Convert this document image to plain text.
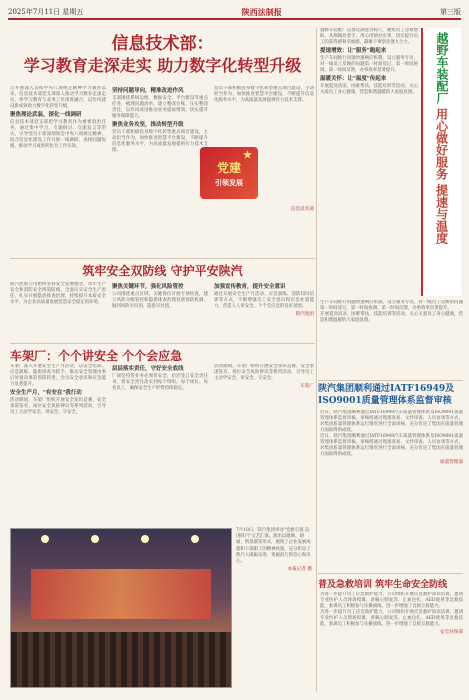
2025年7月11日 星期五	陕西法制报	第三版
信息技术部：
学习教育走深走实 助力数字化转型升级

自开展深入贯彻中央八项规定精神学习教育以来，信息技术部党支部深入推动学习教育走深走实，将学习教育与业务工作深度融合，以作风建设新成效助力数字化转型升级。

聚焦理论武装，深化一线调研

信息技术部党支部把学习教育作为重要政治任务，通过集中学习、专题研讨、交流发言等形式，引导党员干部深刻领会中央八项规定精神，结合信息化建设工作开展一线调研，查找问题短板，推动学习成果转化为工作实效。

坚持问题导向，精准改进作风

支部围绕系统运维、数据安全、平台建设等重点任务，梳理问题清单，建立整改台账，压实整改责任，以作风改进推动业务提质增效，切实提升服务保障能力。

聚焦业务攻坚，推动转型升级

党员干部积极投身数字化转型重点项目建设，主动担当作为，加快推进智慧平台建设，不断提升信息化服务水平，为高质量发展提供有力技术支撑。

党员干部积极投身数字化转型重点项目建设，主动担当作为，加快推进智慧平台建设，不断提升信息化服务水平，为高质量发展提供有力技术支撑。

信息技术部

★
党建
引领发展
筑牢安全双防线 守护平安陕汽

陕汽控股公司始终坚持安全发展理念，筑牢生产安全和消防安全两道防线，全面压实安全生产责任，扎实开展隐患排查治理，持续提升本质安全水平，为企业高质量发展营造安全稳定的环境。

聚焦关键环节，强化风险管控

公司围绕重点区域、关键岗位开展专项检查，建立风险分级管控和隐患排查治理双重预防机制，做到风险早识别、隐患早处置。

加强宣传教育，提升安全意识

通过开展安全生产月活动、应急演练、消防知识培训等方式，不断增强员工安全意识和应急处置能力，营造人人讲安全、个个会应急的良好氛围。

陕汽集团

车架厂：个个讲安全 个个会应急

车架厂深入开展安全生产月活动，以安全培训、应急演练、隐患排查为抓手，推动安全管理由事后处置向事前预防转变，全员安全意识和应急能力显著提升。

安全生产月，"有安在"我行动

活动期间，车架厂组织开展安全知识竞赛、安全承诺签名、岗位安全风险辨识等系列活动，引导员工主动学安全、讲安全、守安全。

层层落实责任，守好安全底线

厂部坚持管业务必须管安全，层层签订安全责任书，将安全责任落实到每个班组、每个岗位、每名员工，确保安全生产形势持续稳定。

活动期间，车架厂组织开展安全知识竞赛、安全承诺签名、岗位安全风险辨识等系列活动，引导员工主动学安全、讲安全、守安全。

车架厂

7月10日，陕汽集团举办"党旗引领 奋进陕汽"文艺汇演。演出以歌舞、朗诵、情景剧等形式，展现了企业发展成就和干部职工的精神风貌，充分彰显了陕汽人砥砺奋进、勇毅前行的信心和决心。

本报记者 摄

越野车装配厂以群众满意为标尺，聚焦员工急难愁盼，从细微处着手，用心用情办实事，切实提升员工的获得感和幸福感，凝聚干事创业强大合力。

提速增效：让"服务"跑起来

生产车间推行问题快速响应机制，设立服务专员，对一线员工反映的问题第一时间登记、第一时间协调、第一时间反馈，办事效率显著提升。

温暖关怀：让"温度"传起来

开展夏送清凉、困难帮扶、技能培训等活动，关心关爱员工身心健康，营造和谐温暖的大家庭氛围。 越野车装配厂
用心做好服务
提速与温度

生产车间推行问题快速响应机制，设立服务专员，对一线员工反映的问题第一时间登记、第一时间协调、第一时间反馈，办事效率显著提升。

开展夏送清凉、困难帮扶、技能培训等活动，关心关爱员工身心健康，营造和谐温暖的大家庭氛围。

陕汽集团顺利通过IATF16949及ISO9001质量管理体系监督审核

近日，陕汽集团顺利通过IATF16949汽车质量管理体系及ISO9001质量管理体系监督审核。审核组通过现场查看、文件审查、人员访谈等方式，对集团质量管理体系运行情况进行全面审核，充分肯定了集团在质量管理方面取得的成效。

近日，陕汽集团顺利通过IATF16949汽车质量管理体系及ISO9001质量管理体系监督审核。审核组通过现场查看、文件审查、人员访谈等方式，对集团质量管理体系运行情况进行全面审核，充分肯定了集团在质量管理方面取得的成效。

质量管理部

普及急救培训 筑牢生命安全防线

为进一步提升员工应急救护能力，公司组织开展应急救护知识培训，邀请专业医护人员现场授课，讲解心肺复苏、止血包扎、AED使用等急救技能，参训员工积极参与实操演练，进一步增强了自救互救能力。

为进一步提升员工应急救护能力，公司组织开展应急救护知识培训，邀请专业医护人员现场授课，讲解心肺复苏、止血包扎、AED使用等急救技能，参训员工积极参与实操演练，进一步增强了自救互救能力。

安全环保部
